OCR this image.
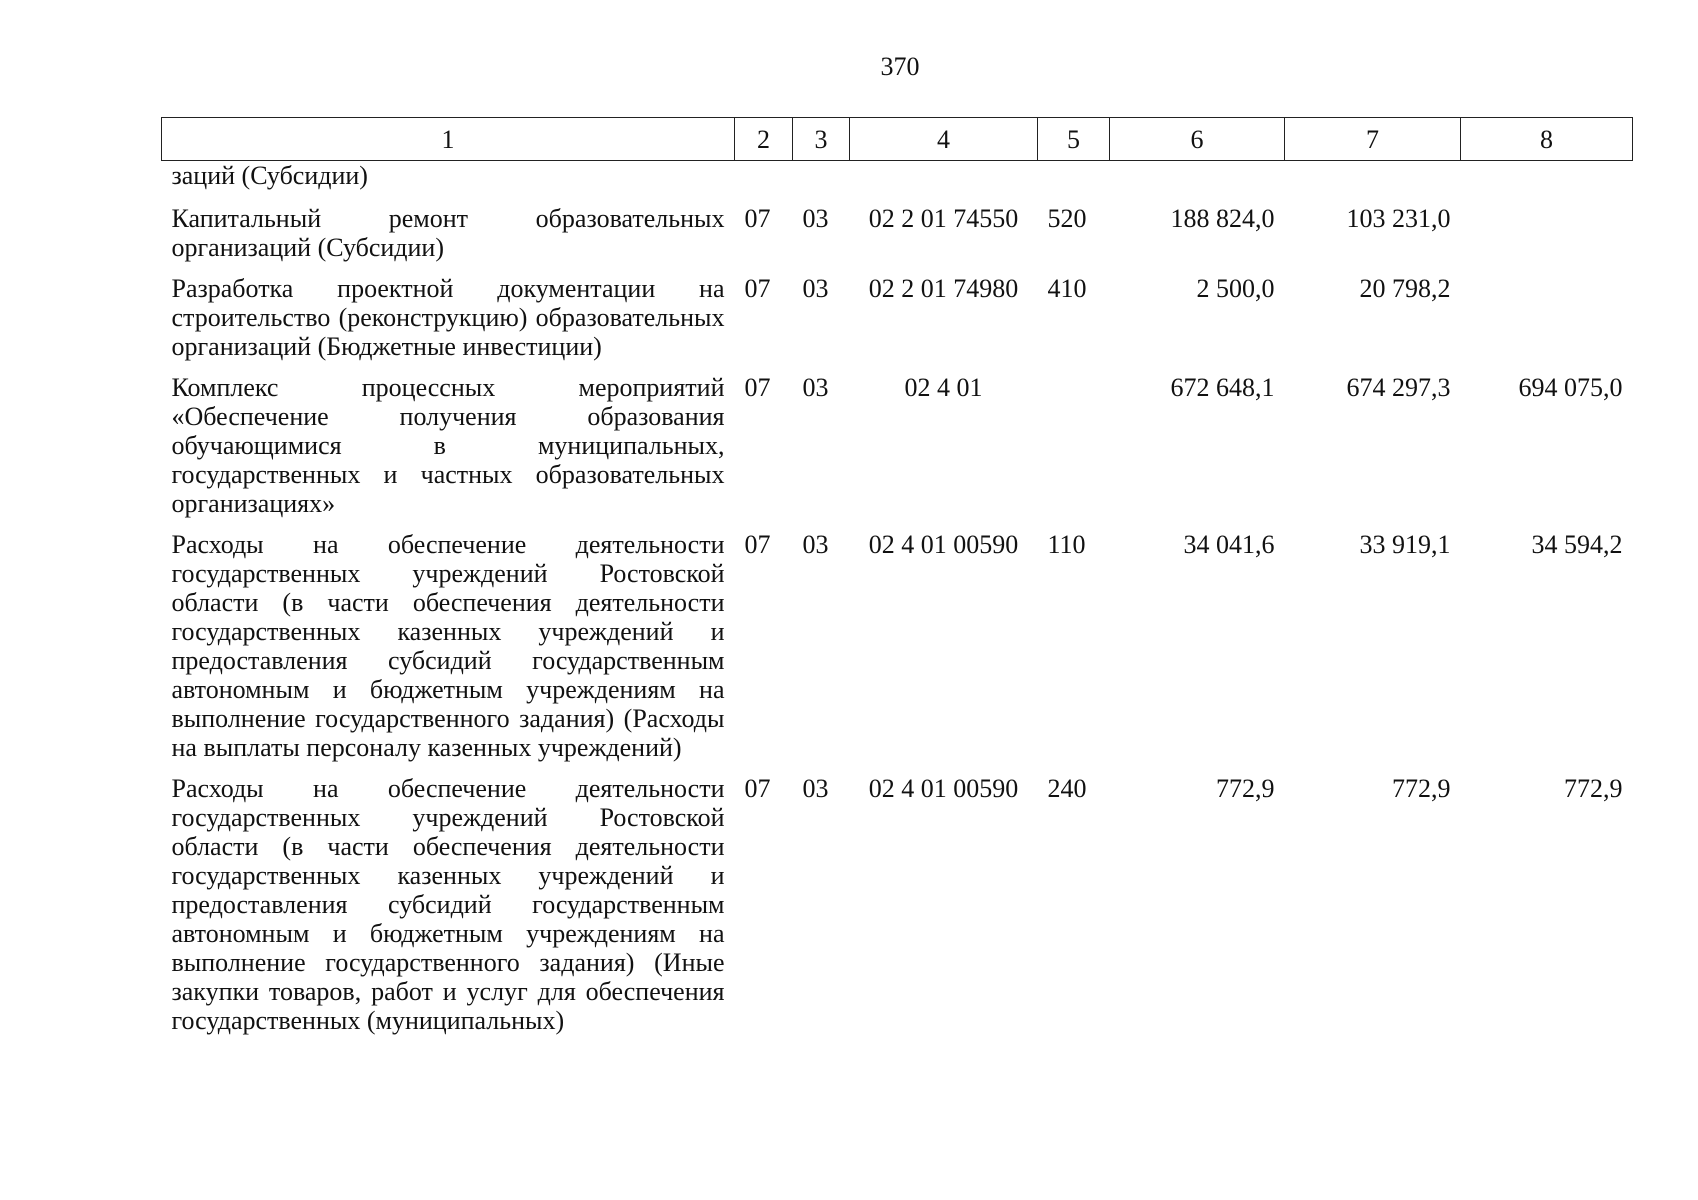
370
1	2	3	4	5	6	7	8
заций (Субсидии)							
Капитальный ремонт образовательных организаций (Субсидии)	07	03	02 2 01 74550	520	188 824,0	103 231,0	
Разработка проектной документации на строительство (реконструкцию) образовательных организаций (Бюджетные инвестиции)	07	03	02 2 01 74980	410	2 500,0	20 798,2	
Комплекс процессных мероприятий «Обеспечение получения образования обучающимися в муниципальных, государственных и частных образовательных организациях»	07	03	02 4 01		672 648,1	674 297,3	694 075,0
Расходы на обеспечение деятельности государственных учреждений Ростовской области (в части обеспечения деятельности государственных казенных учреждений и предоставления субсидий государственным автономным и бюджетным учреждениям на выполнение государственного задания) (Расходы на выплаты персоналу казенных учреждений)	07	03	02 4 01 00590	110	34 041,6	33 919,1	34 594,2
Расходы на обеспечение деятельности государственных учреждений Ростовской области (в части обеспечения деятельности государственных казенных учреждений и предоставления субсидий государственным автономным и бюджетным учреждениям на выполнение государственного задания) (Иные закупки товаров, работ и услуг для обеспечения государственных (муниципальных)	07	03	02 4 01 00590	240	772,9	772,9	772,9
